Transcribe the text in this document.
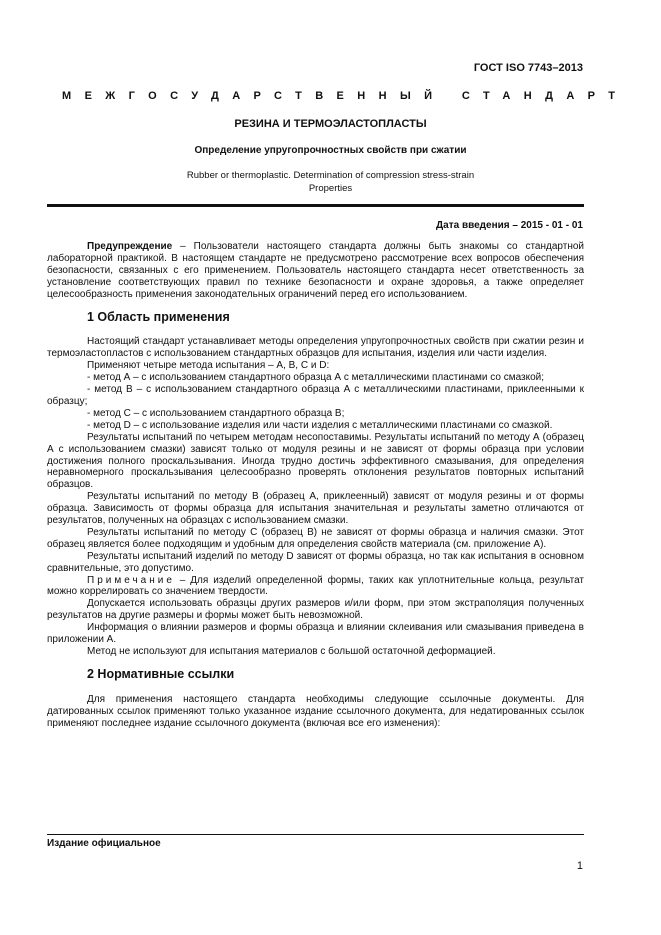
ГОСТ ISO 7743–2013
МЕЖГОСУДАРСТВЕННЫЙ СТАНДАРТ
РЕЗИНА И ТЕРМОЭЛАСТОПЛАСТЫ
Определение упругопрочностных свойств при сжатии
Rubber or thermoplastic. Determination of compression stress-strain
Properties
Дата введения – 2015 - 01 - 01

Предупреждение – Пользователи настоящего стандарта должны быть знакомы со стандартной лабораторной практикой. В настоящем стандарте не предусмотрено рассмотрение всех вопросов обеспечения безопасности, связанных с его применением. Пользователь настоящего стандарта несет ответственность за установление соответствующих правил по технике безопасности и охране здоровья, а также определяет целесообразность применения законодательных ограничений перед его использованием.

1 Область применения

Настоящий стандарт устанавливает методы определения упругопрочностных свойств при сжатии резин и термоэластопластов с использованием стандартных образцов для испытания, изделия или части изделия.

Применяют четыре метода испытания – А, В, С и D:

- метод А – с использованием стандартного образца А с металлическими пластинами со смазкой;

- метод В – с использованием стандартного образца А с металлическими пластинами, приклеенными к образцу;

- метод С – с использованием стандартного образца В;

- метод D – с использование изделия или части изделия с металлическими пластинами со смазкой.

Результаты испытаний по четырем методам несопоставимы. Результаты испытаний по методу А (образец А с использованием смазки) зависят только от модуля резины и не зависят от формы образца при условии достижения полного проскальзывания. Иногда трудно достичь эффективного смазывания, для определения неравномерного проскальзывания целесообразно проверять отклонения результатов повторных испытаний образцов.

Результаты испытаний по методу В (образец А, приклеенный) зависят от модуля резины и от формы образца. Зависимость от формы образца для испытания значительная и результаты заметно отличаются от результатов, полученных на образцах с использованием смазки.

Результаты испытаний по методу С (образец В) не зависят от формы образца и наличия смазки. Этот образец является более подходящим и удобным для определения свойств материала (см. приложение А).

Результаты испытаний изделий по методу D зависят от формы образца, но так как испытания в основном сравнительные, это допустимо.

Примечание – Для изделий определенной формы, таких как уплотнительные кольца, результат можно коррелировать со значением твердости.

Допускается использовать образцы других размеров и/или форм, при этом экстраполяция полученных результатов на другие размеры и формы может быть невозможной.

Информация о влиянии размеров и формы образца и влиянии склеивания или смазывания приведена в приложении А.

Метод не используют для испытания материалов с большой остаточной деформацией.

2 Нормативные ссылки

Для применения настоящего стандарта необходимы следующие ссылочные документы. Для датированных ссылок применяют только указанное издание ссылочного документа, для недатированных ссылок применяют последнее издание ссылочного документа (включая все его изменения):

Издание официальное
1
